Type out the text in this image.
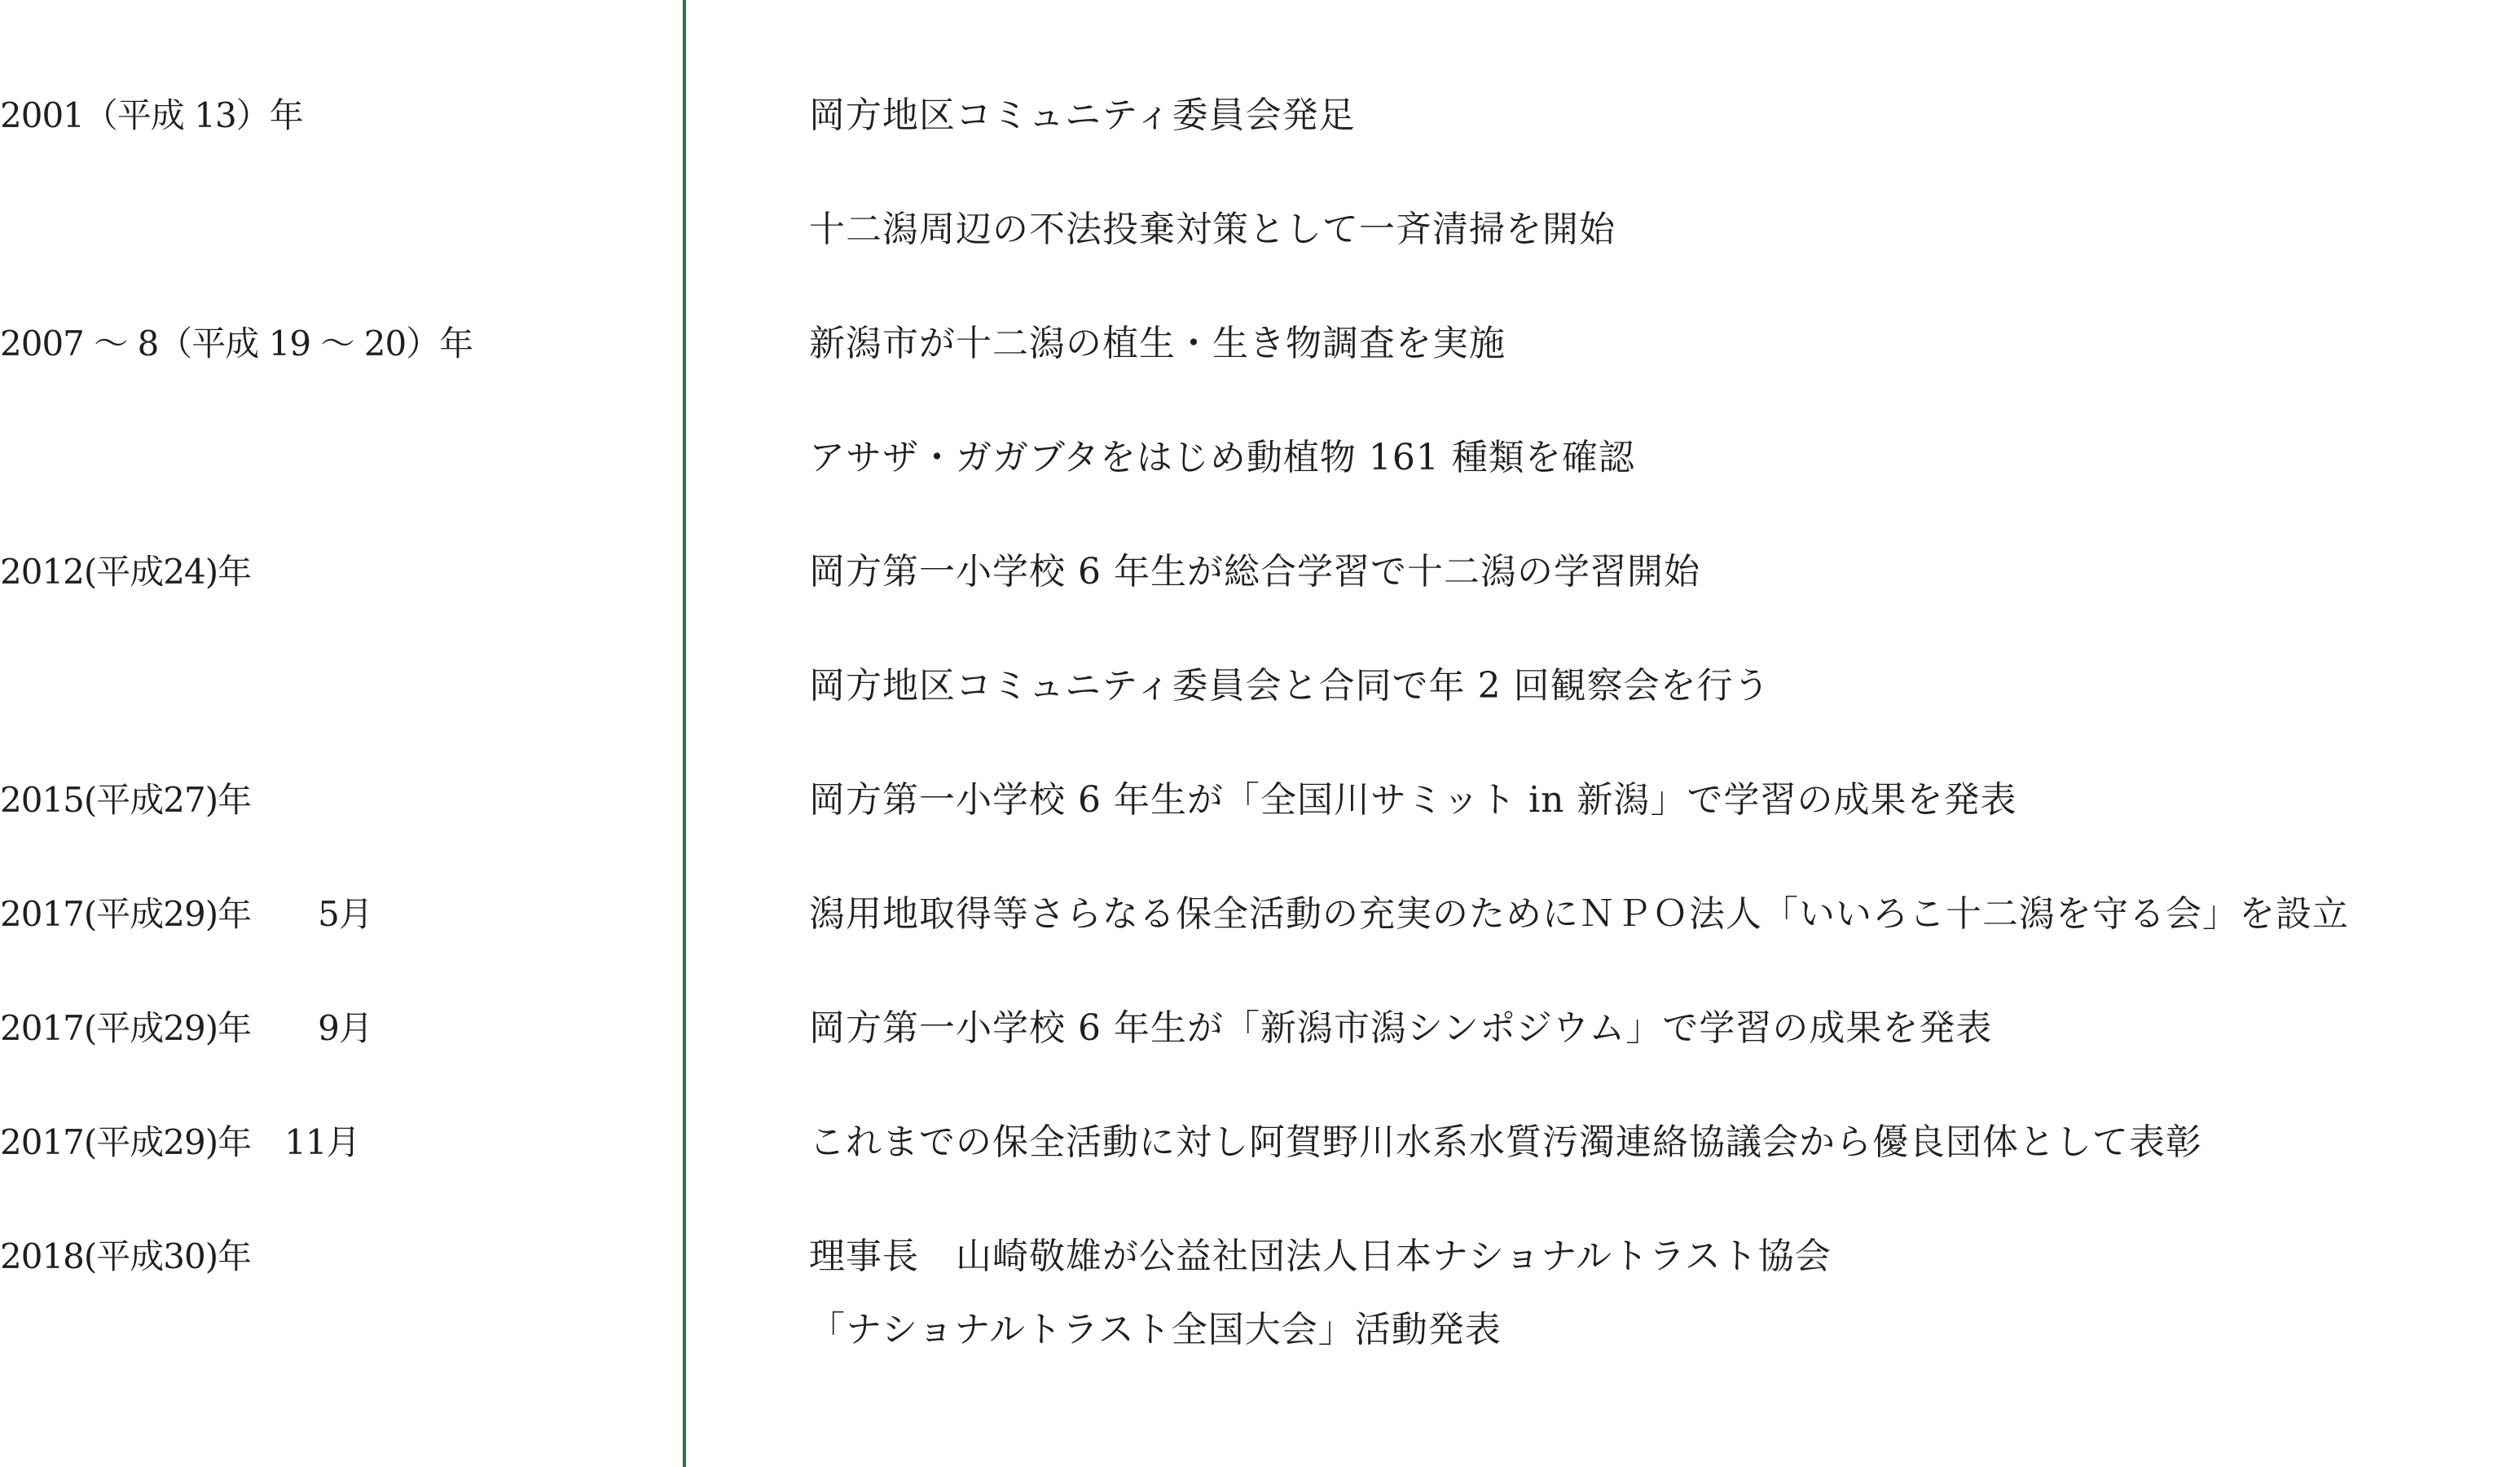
2001（平成 13）年	岡方地区コミュニティ委員会発足
十二潟周辺の不法投棄対策として一斉清掃を開始
2007 ～ 8（平成 19 ～ 20）年	新潟市が十二潟の植生・生き物調査を実施
アサザ・ガガブタをはじめ動植物 161 種類を確認
2012(平成24)年	岡方第一小学校 6 年生が総合学習で十二潟の学習開始
岡方地区コミュニティ委員会と合同で年 2 回観察会を行う
2015(平成27)年	岡方第一小学校 6 年生が「全国川サミット in 新潟」で学習の成果を発表
2017(平成29)年　　5月	潟用地取得等さらなる保全活動の充実のためにＮＰＯ法人「いいろこ十二潟を守る会」を設立
2017(平成29)年　　9月	岡方第一小学校 6 年生が「新潟市潟シンポジウム」で学習の成果を発表
2017(平成29)年　11月	これまでの保全活動に対し阿賀野川水系水質汚濁連絡協議会から優良団体として表彰
2018(平成30)年	理事長　山崎敬雄が公益社団法人日本ナショナルトラスト協会
「ナショナルトラスト全国大会」活動発表
